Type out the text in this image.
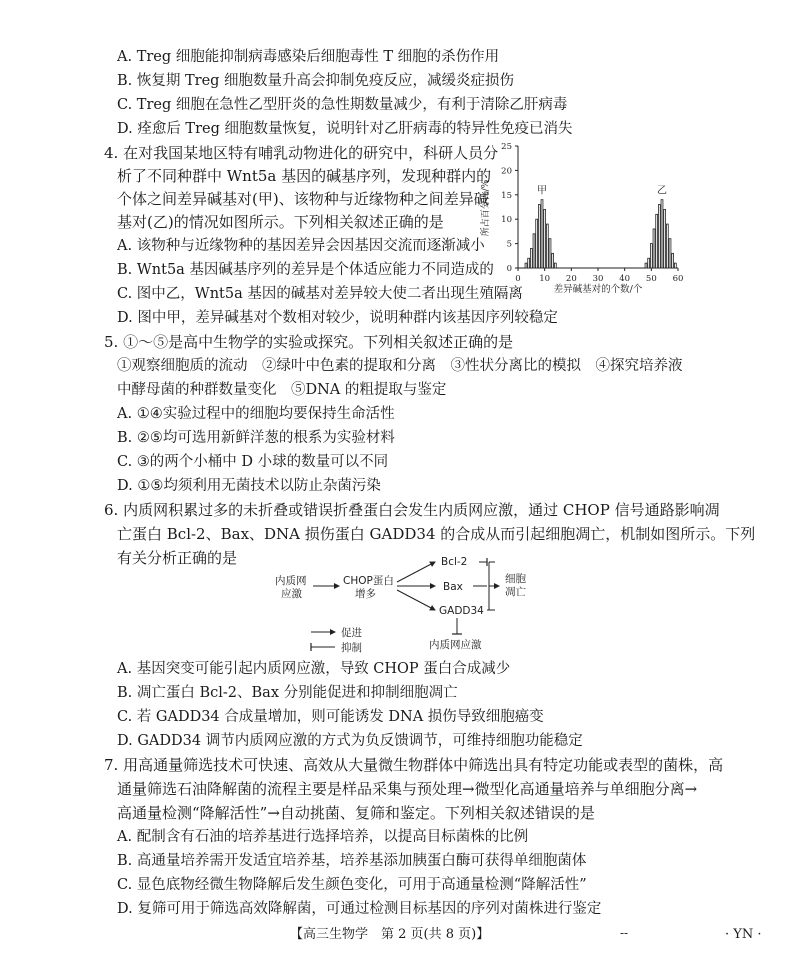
A. Treg 细胞能抑制病毒感染后细胞毒性 T 细胞的杀伤作用
B. 恢复期 Treg 细胞数量升高会抑制免疫反应，减缓炎症损伤
C. Treg 细胞在急性乙型肝炎的急性期数量减少，有利于清除乙肝病毒
D. 痊愈后 Treg 细胞数量恢复，说明针对乙肝病毒的特异性免疫已消失
4. 在对我国某地区特有哺乳动物进化的研究中，科研人员分
析了不同种群中 Wnt5a 基因的碱基序列，发现种群内的
个体之间差异碱基对(甲)、该物种与近缘物种之间差异碱
基对(乙)的情况如图所示。下列相关叙述正确的是
A. 该物种与近缘物种的基因差异会因基因交流而逐渐减小
B. Wnt5a 基因碱基序列的差异是个体适应能力不同造成的
C. 图中乙，Wnt5a 基因的碱基对差异较大使二者出现生殖隔离
D. 图中甲，差异碱基对个数相对较少，说明种群内该基因序列较稳定
0
5
10
15
20
25
0 10 20 30 40 50 60
甲	乙
所占百分比/%
差异碱基对的个数/个
5. ①～⑤是高中生物学的实验或探究。下列相关叙述正确的是
①观察细胞质的流动　②绿叶中色素的提取和分离　③性状分离比的模拟　④探究培养液
中酵母菌的种群数量变化　⑤DNA 的粗提取与鉴定
A. ①④实验过程中的细胞均要保持生命活性
B. ②⑤均可选用新鲜洋葱的根系为实验材料
C. ③的两个小桶中 D 小球的数量可以不同
D. ①⑤均须利用无菌技术以防止杂菌污染
6. 内质网积累过多的未折叠或错误折叠蛋白会发生内质网应激，通过 CHOP 信号通路影响凋
亡蛋白 Bcl-2、Bax、DNA 损伤蛋白 GADD34 的合成从而引起细胞凋亡，机制如图所示。下列
有关分析正确的是
内质网
应激
CHOP蛋白
增多
Bcl-2
Bax
GADD34
细胞
凋亡
内质网应激
促进
抑制
A. 基因突变可能引起内质网应激，导致 CHOP 蛋白合成减少
B. 凋亡蛋白 Bcl-2、Bax 分别能促进和抑制细胞凋亡
C. 若 GADD34 合成量增加，则可能诱发 DNA 损伤导致细胞癌变
D. GADD34 调节内质网应激的方式为负反馈调节，可维持细胞功能稳定
7. 用高通量筛选技术可快速、高效从大量微生物群体中筛选出具有特定功能或表型的菌株，高
通量筛选石油降解菌的流程主要是样品采集与预处理→微型化高通量培养与单细胞分离→
高通量检测“降解活性”→自动挑菌、复筛和鉴定。下列相关叙述错误的是
A. 配制含有石油的培养基进行选择培养，以提高目标菌株的比例
B. 高通量培养需开发适宜培养基，培养基添加胰蛋白酶可获得单细胞菌体
C. 显色底物经微生物降解后发生颜色变化，可用于高通量检测“降解活性”
D. 复筛可用于筛选高效降解菌，可通过检测目标基因的序列对菌株进行鉴定
【高三生物学　第 2 页(共 8 页)】	--	· YN ·
